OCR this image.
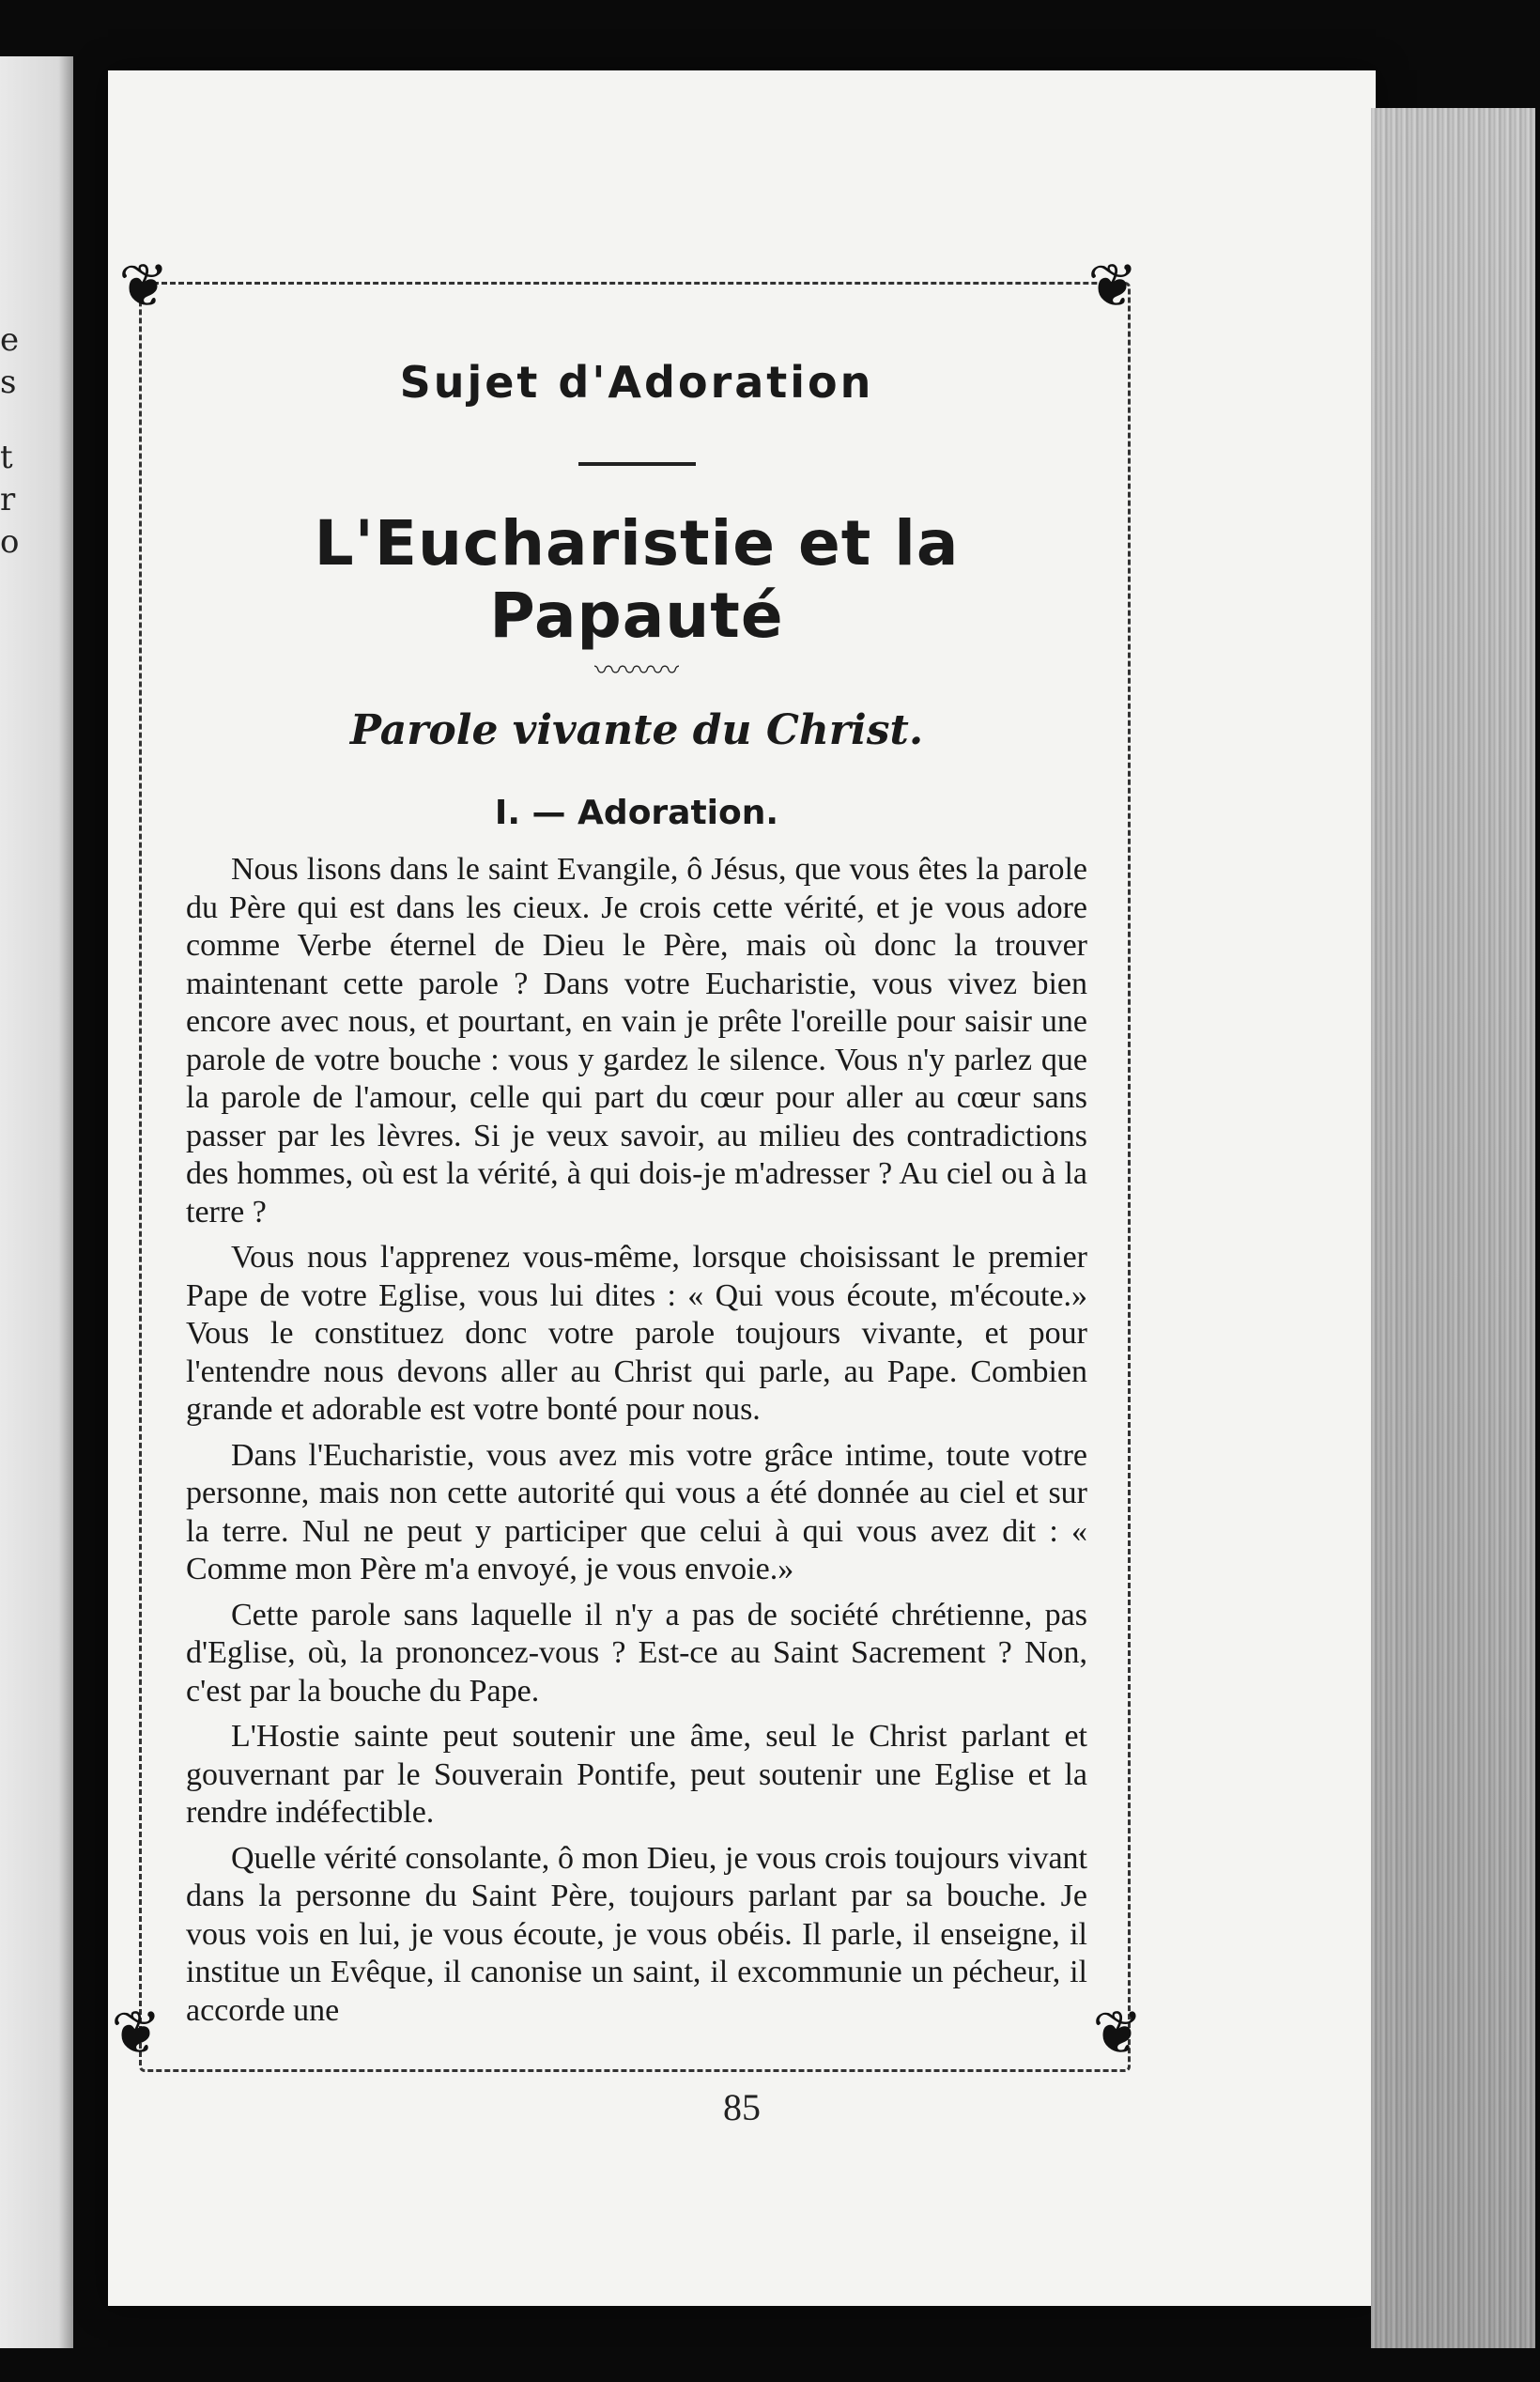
e
s
t
r
o
85
❦	❦
❦	❦
Sujet d'Adoration
L'Eucharistie et la Papauté
〰〰〰
Parole vivante du Christ.
I. — Adoration.

Nous lisons dans le saint Evangile, ô Jésus, que vous êtes la parole du Père qui est dans les cieux. Je crois cette vérité, et je vous adore comme Verbe éternel de Dieu le Père, mais où donc la trouver maintenant cette parole ? Dans votre Eucharistie, vous vivez bien encore avec nous, et pourtant, en vain je prête l'oreille pour saisir une parole de votre bouche : vous y gardez le silence. Vous n'y parlez que la parole de l'amour, celle qui part du cœur pour aller au cœur sans passer par les lèvres. Si je veux savoir, au milieu des contradictions des hommes, où est la vérité, à qui dois-je m'adresser ? Au ciel ou à la terre ?

Vous nous l'apprenez vous-même, lorsque choisissant le premier Pape de votre Eglise, vous lui dites : « Qui vous écoute, m'écoute.» Vous le constituez donc votre parole toujours vivante, et pour l'entendre nous devons aller au Christ qui parle, au Pape. Combien grande et adorable est votre bonté pour nous.

Dans l'Eucharistie, vous avez mis votre grâce intime, toute votre personne, mais non cette autorité qui vous a été donnée au ciel et sur la terre. Nul ne peut y participer que celui à qui vous avez dit : « Comme mon Père m'a envoyé, je vous envoie.»

Cette parole sans laquelle il n'y a pas de société chrétienne, pas d'Eglise, où, la prononcez-vous ? Est-ce au Saint Sacrement ? Non, c'est par la bouche du Pape.

L'Hostie sainte peut soutenir une âme, seul le Christ parlant et gouvernant par le Souverain Pontife, peut soutenir une Eglise et la rendre indéfectible.

Quelle vérité consolante, ô mon Dieu, je vous crois toujours vivant dans la personne du Saint Père, toujours parlant par sa bouche. Je vous vois en lui, je vous écoute, je vous obéis. Il parle, il enseigne, il institue un Evêque, il canonise un saint, il excommunie un pécheur, il accorde une
